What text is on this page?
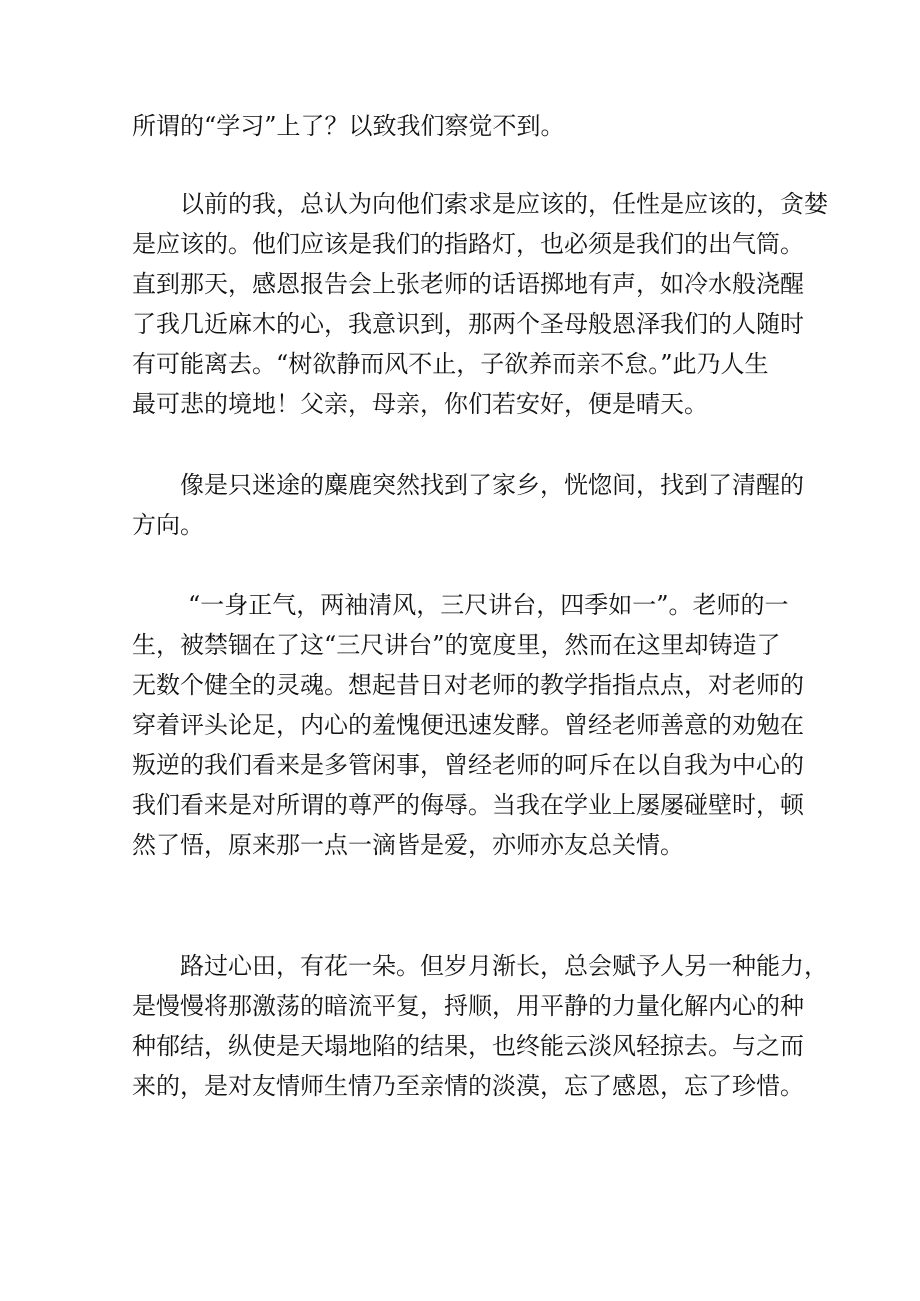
所谓的“学习”上了？以致我们察觉不到。
以前的我，总认为向他们索求是应该的，任性是应该的，贪婪
是应该的。他们应该是我们的指路灯，也必须是我们的出气筒。
直到那天，感恩报告会上张老师的话语掷地有声，如冷水般浇醒
了我几近麻木的心，我意识到，那两个圣母般恩泽我们的人随时
有可能离去。“树欲静而风不止，子欲养而亲不怠。”此乃人生
最可悲的境地！父亲，母亲，你们若安好，便是晴天。
像是只迷途的麋鹿突然找到了家乡，恍惚间，找到了清醒的
方向。
“一身正气，两袖清风，三尺讲台，四季如一”。老师的一
生，被禁锢在了这“三尺讲台”的宽度里，然而在这里却铸造了
无数个健全的灵魂。想起昔日对老师的教学指指点点，对老师的
穿着评头论足，内心的羞愧便迅速发酵。曾经老师善意的劝勉在
叛逆的我们看来是多管闲事，曾经老师的呵斥在以自我为中心的
我们看来是对所谓的尊严的侮辱。当我在学业上屡屡碰壁时，顿
然了悟，原来那一点一滴皆是爱，亦师亦友总关情。
路过心田，有花一朵。但岁月渐长，总会赋予人另一种能力，
是慢慢将那激荡的暗流平复，捋顺，用平静的力量化解内心的种
种郁结，纵使是天塌地陷的结果，也终能云淡风轻掠去。与之而
来的，是对友情师生情乃至亲情的淡漠，忘了感恩，忘了珍惜。
